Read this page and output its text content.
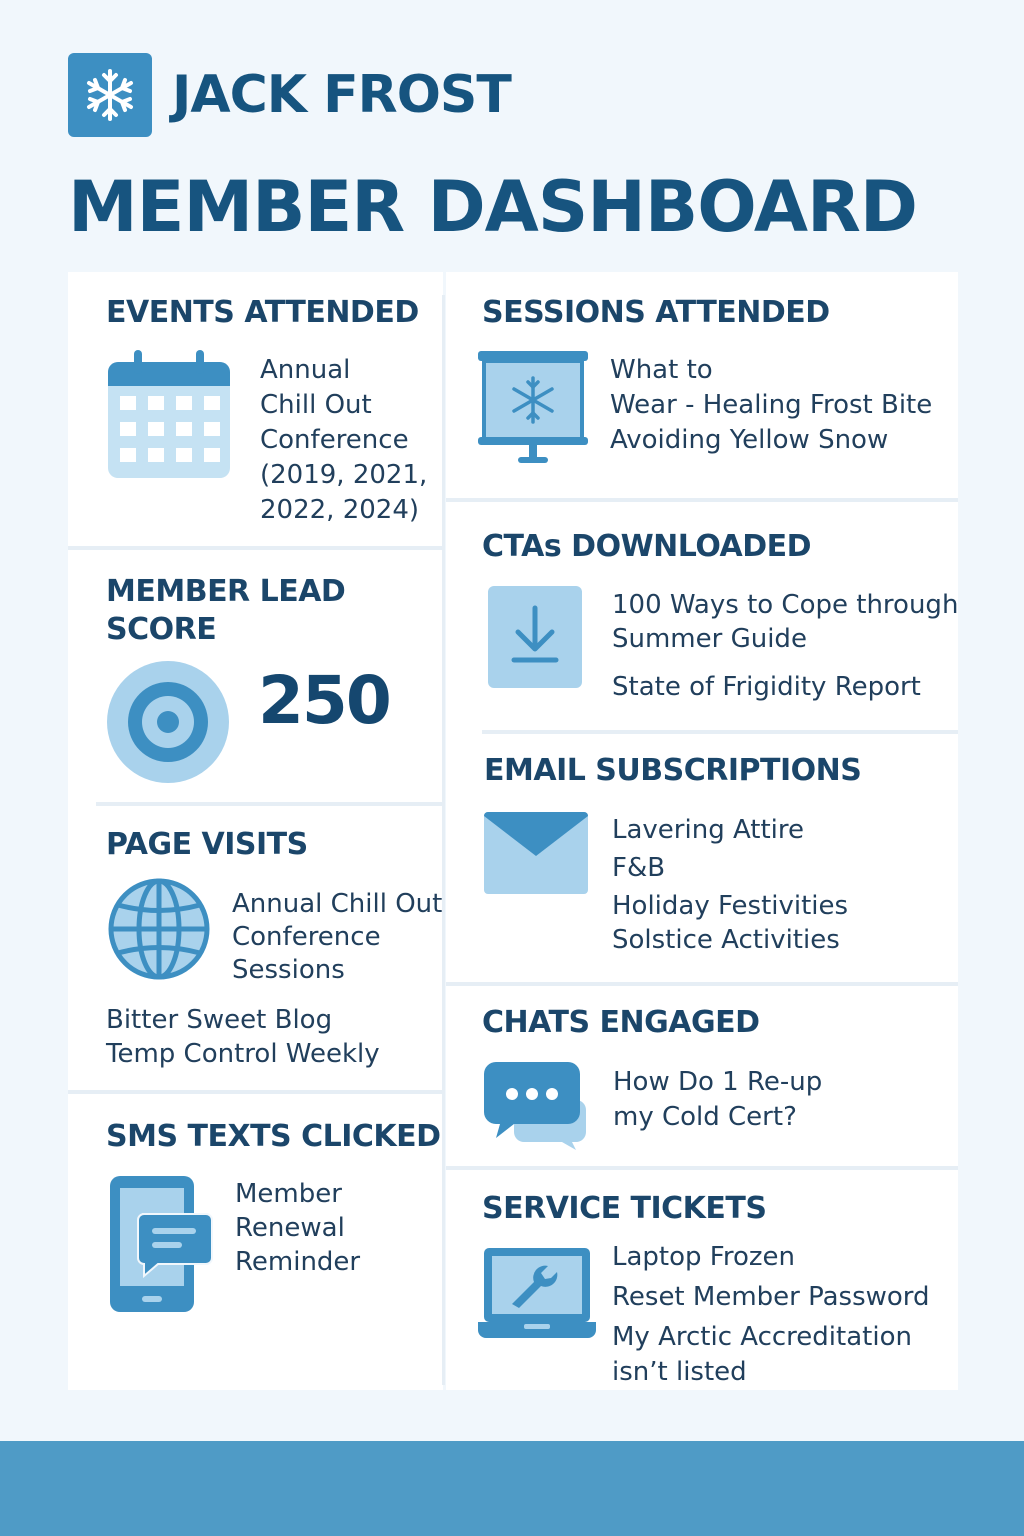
JACK FROST
MEMBER DASHBOARD
EVENTS ATTENDED
Annual
Chill Out
Conference
(2019, 2021,
2022, 2024)
MEMBER LEAD
SCORE
250
PAGE VISITS
Annual Chill Out
Conference
Sessions
Bitter Sweet Blog
Temp Control Weekly
SMS TEXTS CLICKED
Member
Renewal
Reminder
SESSIONS ATTENDED
What to
Wear - Healing Frost Bite
Avoiding Yellow Snow
CTAs DOWNLOADED
100 Ways to Cope through
Summer Guide
State of Frigidity Report
EMAIL SUBSCRIPTIONS
Lavering Attire
F&B
Holiday Festivities
Solstice Activities
CHATS ENGAGED
How Do 1 Re-up
my Cold Cert?
SERVICE TICKETS
Laptop Frozen
Reset Member Password
My Arctic Accreditation
isn’t listed
